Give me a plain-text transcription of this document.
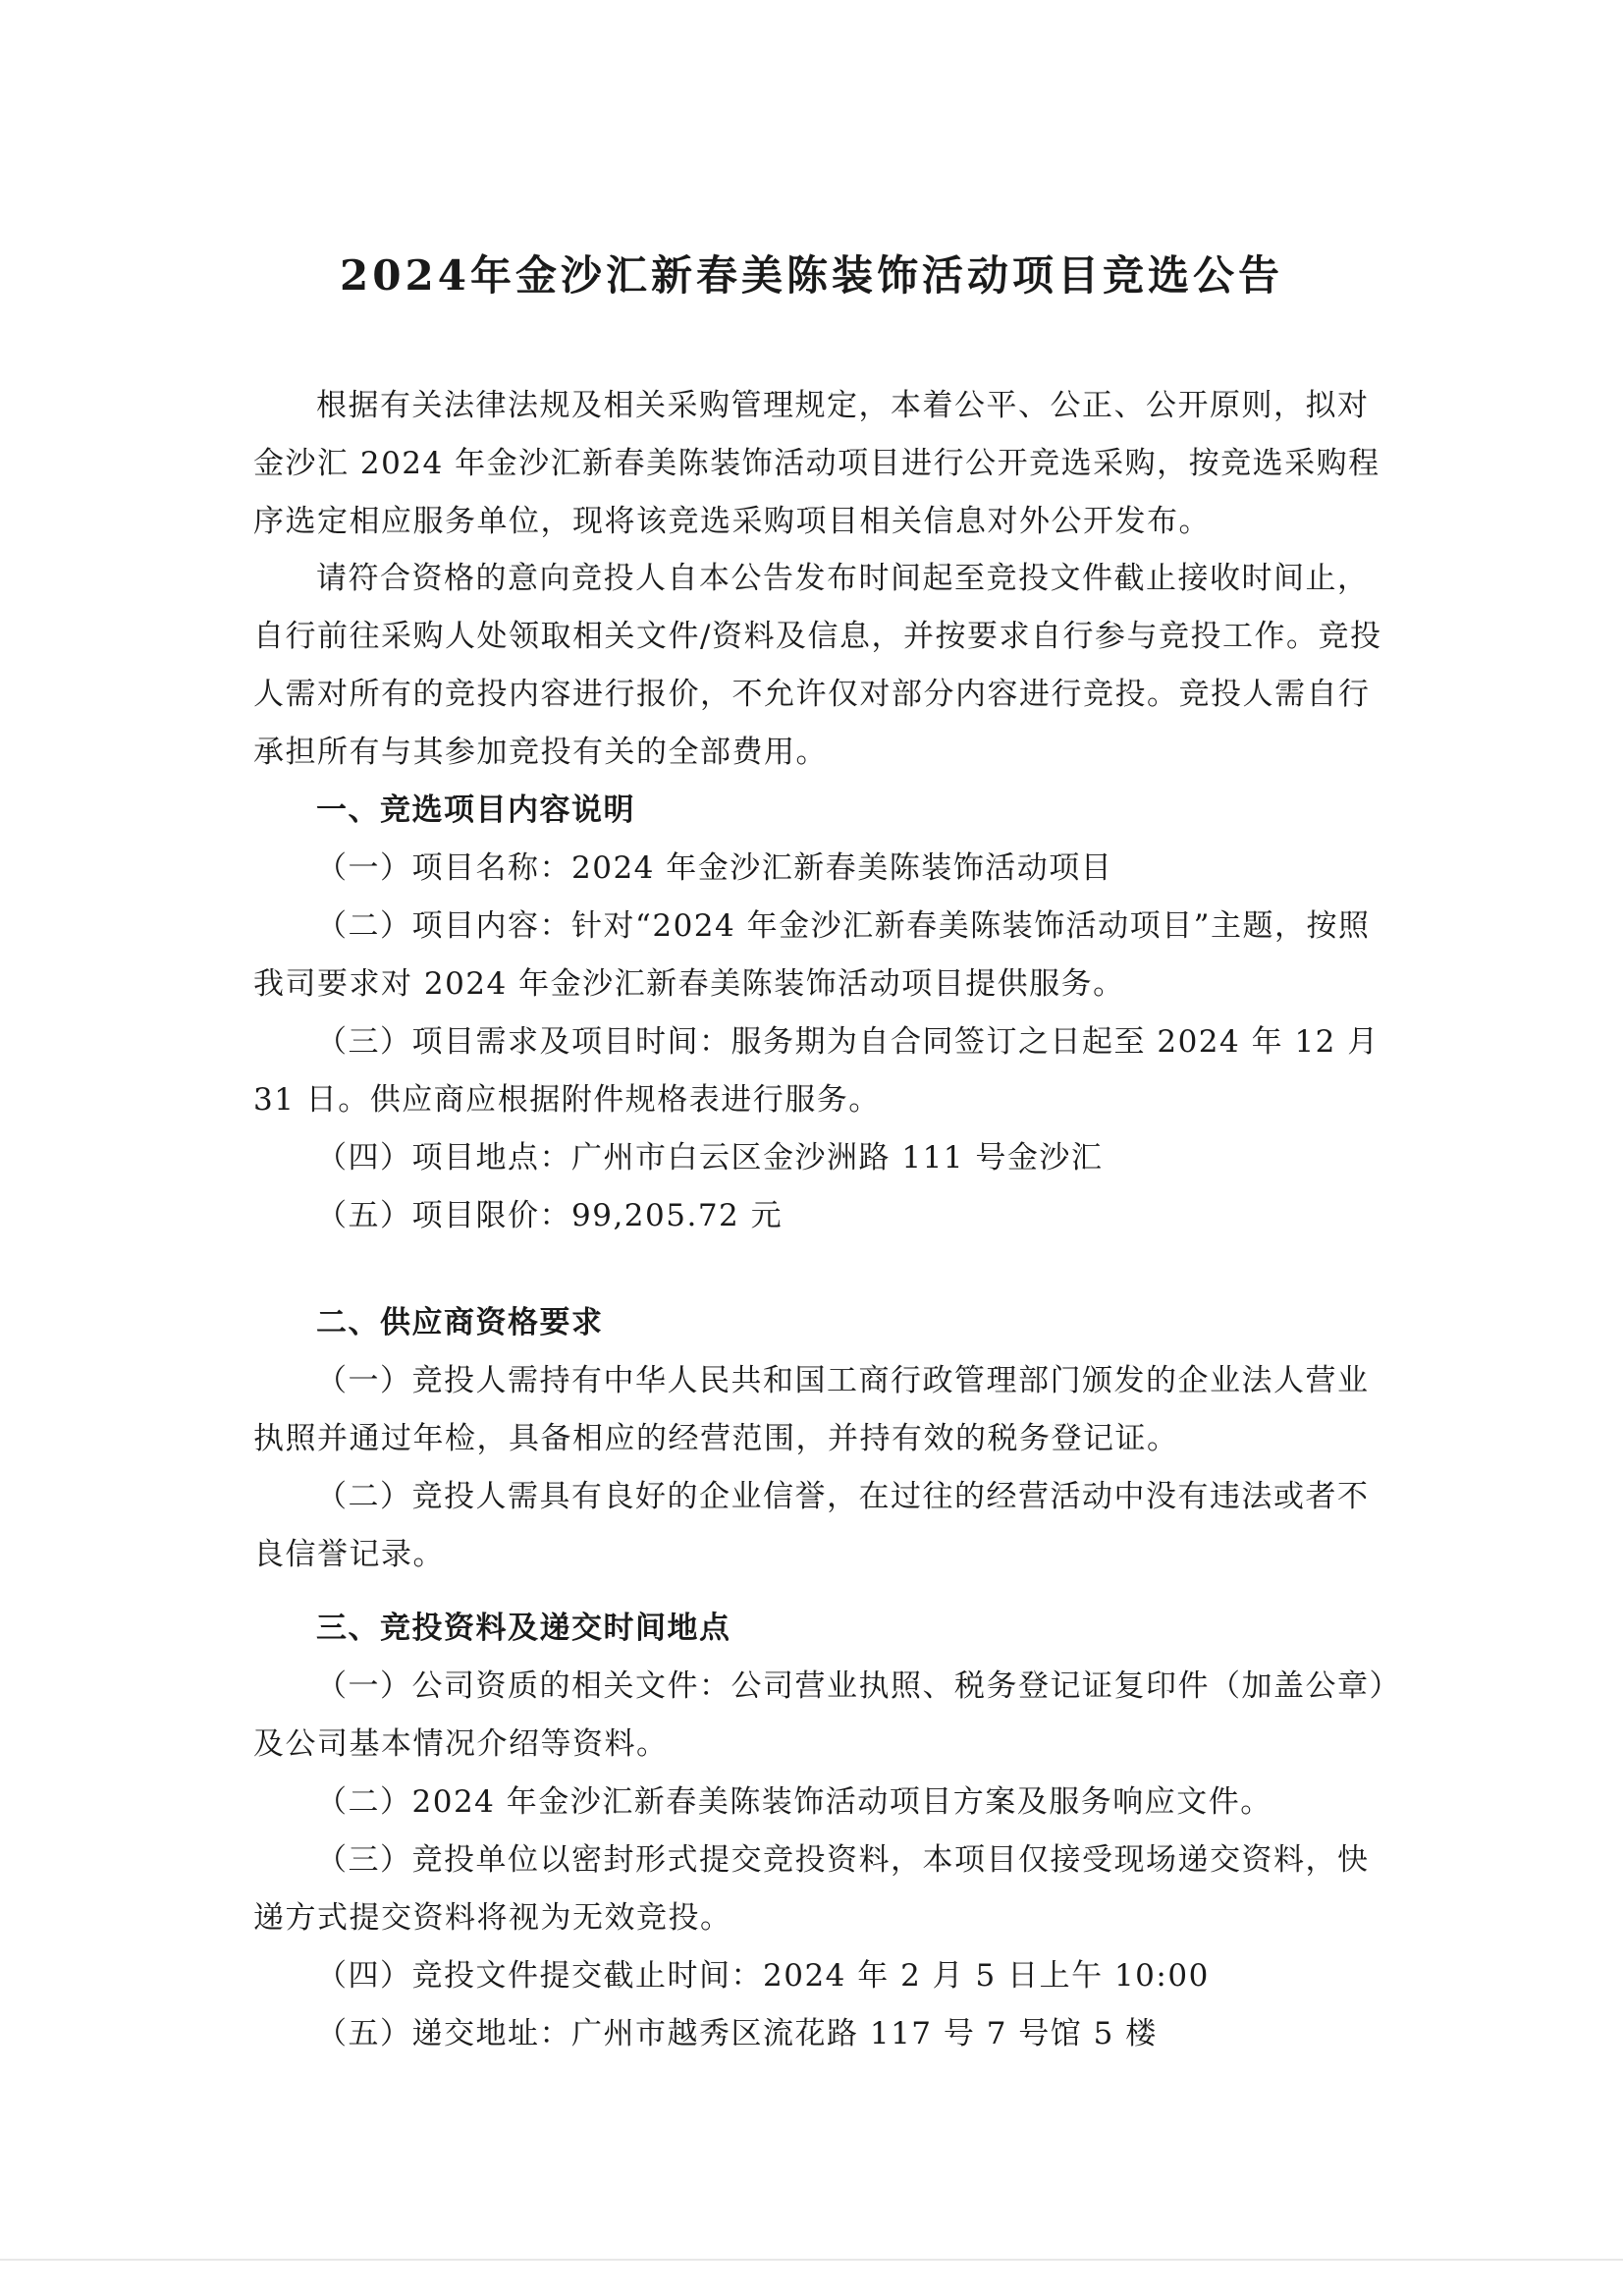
2024年金沙汇新春美陈装饰活动项目竞选公告

根据有关法律法规及相关采购管理规定，本着公平、公正、公开原则，拟对金沙汇 2024 年金沙汇新春美陈装饰活动项目进行公开竞选采购，按竞选采购程序选定相应服务单位，现将该竞选采购项目相关信息对外公开发布。

请符合资格的意向竞投人自本公告发布时间起至竞投文件截止接收时间止，自行前往采购人处领取相关文件/资料及信息，并按要求自行参与竞投工作。竞投人需对所有的竞投内容进行报价，不允许仅对部分内容进行竞投。竞投人需自行承担所有与其参加竞投有关的全部费用。

一、竞选项目内容说明

（一）项目名称：2024 年金沙汇新春美陈装饰活动项目

（二）项目内容：针对“2024 年金沙汇新春美陈装饰活动项目”主题，按照我司要求对 2024 年金沙汇新春美陈装饰活动项目提供服务。

（三）项目需求及项目时间：服务期为自合同签订之日起至 2024 年 12 月 31 日。供应商应根据附件规格表进行服务。

（四）项目地点：广州市白云区金沙洲路 111 号金沙汇

（五）项目限价：99,205.72 元

二、供应商资格要求

（一）竞投人需持有中华人民共和国工商行政管理部门颁发的企业法人营业执照并通过年检，具备相应的经营范围，并持有效的税务登记证。

（二）竞投人需具有良好的企业信誉，在过往的经营活动中没有违法或者不良信誉记录。

三、竞投资料及递交时间地点

（一）公司资质的相关文件：公司营业执照、税务登记证复印件（加盖公章）及公司基本情况介绍等资料。

（二）2024 年金沙汇新春美陈装饰活动项目方案及服务响应文件。

（三）竞投单位以密封形式提交竞投资料，本项目仅接受现场递交资料，快递方式提交资料将视为无效竞投。

（四）竞投文件提交截止时间：2024 年 2 月 5 日上午 10:00

（五）递交地址：广州市越秀区流花路 117 号 7 号馆 5 楼
